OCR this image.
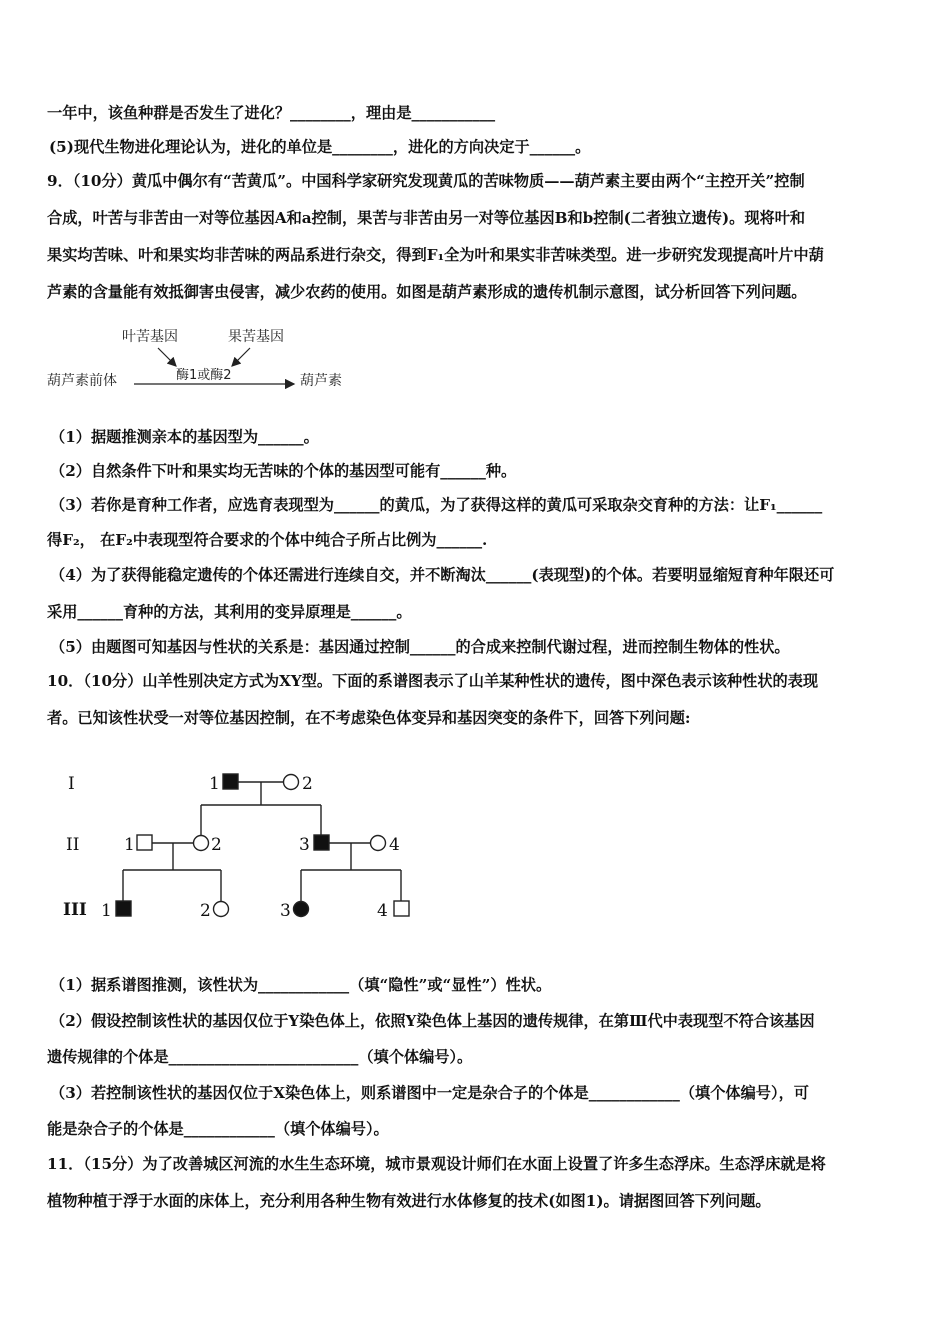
一年中，该鱼种群是否发生了进化？________，理由是___________
(5)现代生物进化理论认为，进化的单位是________，进化的方向决定于______。
9．（10分）黄瓜中偶尔有“苦黄瓜”。中国科学家研究发现黄瓜的苦味物质——葫芦素主要由两个“主控开关”控制
合成，叶苦与非苦由一对等位基因A和a控制，果苦与非苦由另一对等位基因B和b控制(二者独立遗传)。现将叶和
果实均苦味、叶和果实均非苦味的两品系进行杂交，得到F₁全为叶和果实非苦味类型。进一步研究发现提高叶片中葫
芦素的含量能有效抵御害虫侵害，减少农药的使用。如图是葫芦素形成的遗传机制示意图，试分析回答下列问题。
叶苦基因	果苦基因
葫芦素前体	酶1或酶2	葫芦素
（1）据题推测亲本的基因型为______。
（2）自然条件下叶和果实均无苦味的个体的基因型可能有______种。
（3）若你是育种工作者，应选育表现型为______的黄瓜，为了获得这样的黄瓜可采取杂交育种的方法：让F₁______
得F₂， 在F₂中表现型符合要求的个体中纯合子所占比例为______.
（4）为了获得能稳定遗传的个体还需进行连续自交，并不断淘汰______(表现型)的个体。若要明显缩短育种年限还可
采用______育种的方法，其利用的变异原理是______。
（5）由题图可知基因与性状的关系是：基因通过控制______的合成来控制代谢过程，进而控制生物体的性状。
10．（10分）山羊性别决定方式为XY型。下面的系谱图表示了山羊某种性状的遗传，图中深色表示该种性状的表现
者。已知该性状受一对等位基因控制，在不考虑染色体变异和基因突变的条件下，回答下列问题:
I
II
III
1	2
1	2	3	4
1	2	3	4
（1）据系谱图推测，该性状为____________（填“隐性”或“显性”）性状。
（2）假设控制该性状的基因仅位于Y染色体上，依照Y染色体上基因的遗传规律，在第Ⅲ代中表现型不符合该基因
遗传规律的个体是_________________________（填个体编号）。
（3）若控制该性状的基因仅位于X染色体上，则系谱图中一定是杂合子的个体是____________（填个体编号），可
能是杂合子的个体是____________（填个体编号）。
11．（15分）为了改善城区河流的水生生态环境，城市景观设计师们在水面上设置了许多生态浮床。生态浮床就是将
植物种植于浮于水面的床体上，充分利用各种生物有效进行水体修复的技术(如图1)。请据图回答下列问题。
